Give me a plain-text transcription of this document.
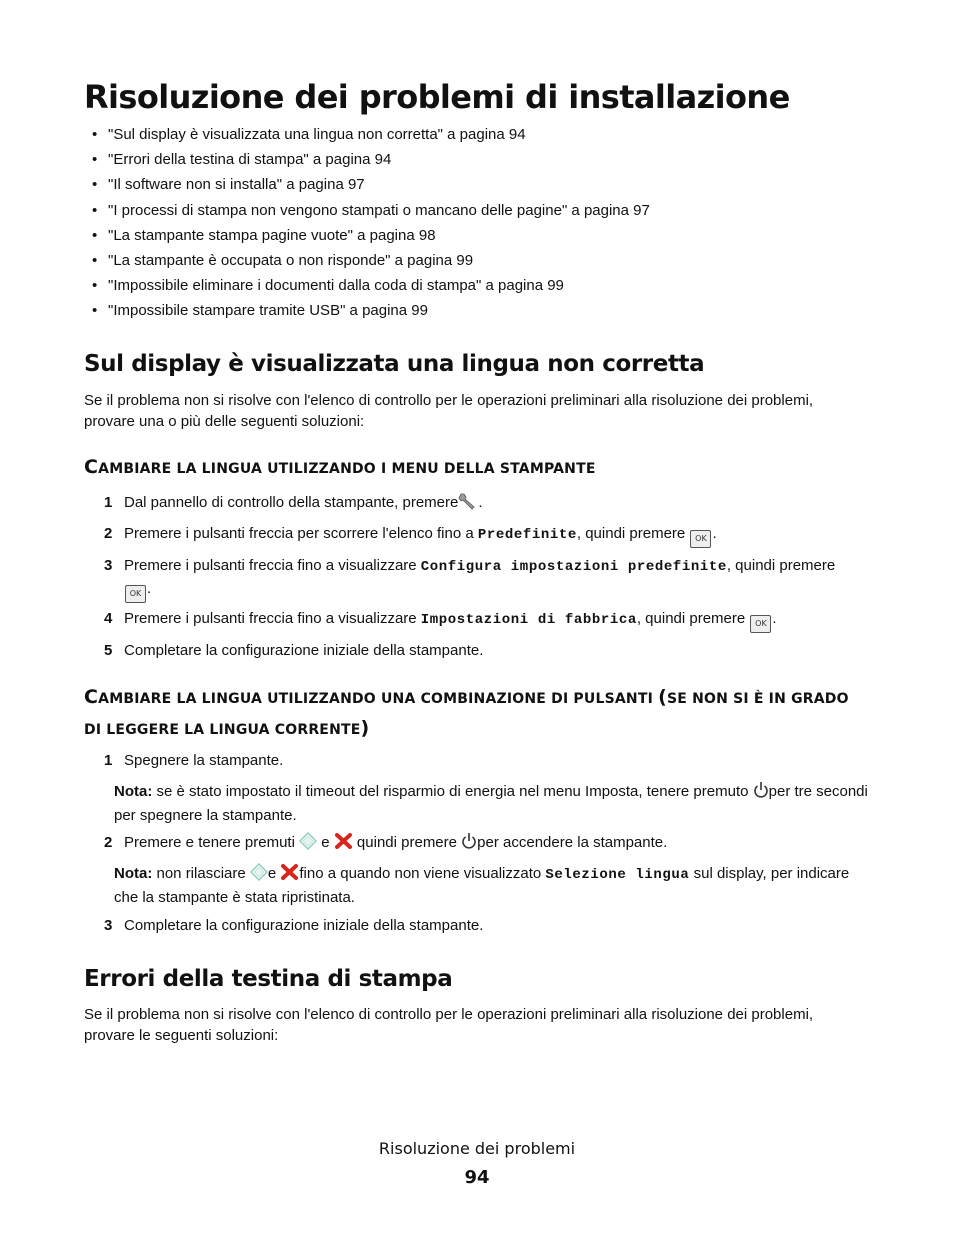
Risoluzione dei problemi di installazione
• "Sul display è visualizzata una lingua non corretta" a pagina 94
• "Errori della testina di stampa" a pagina 94
• "Il software non si installa" a pagina 97
• "I processi di stampa non vengono stampati o mancano delle pagine" a pagina 97
• "La stampante stampa pagine vuote" a pagina 98
• "La stampante è occupata o non risponde" a pagina 99
• "Impossibile eliminare i documenti dalla coda di stampa" a pagina 99
• "Impossibile stampare tramite USB" a pagina 99
Sul display è visualizzata una lingua non corretta

Se il problema non si risolve con l'elenco di controllo per le operazioni preliminari alla risoluzione dei problemi, provare una o più delle seguenti soluzioni:

CAMBIARE LA LINGUA UTILIZZANDO I MENU DELLA STAMPANTE
1 Dal pannello di controllo della stampante, premere .
2 Premere i pulsanti freccia per scorrere l'elenco fino a Predefinite, quindi premere OK .
3 Premere i pulsanti freccia fino a visualizzare Configura impostazioni predefinite, quindi premere
OK .
4 Premere i pulsanti freccia fino a visualizzare Impostazioni di fabbrica, quindi premere OK .
5 Completare la configurazione iniziale della stampante.
CAMBIARE LA LINGUA UTILIZZANDO UNA COMBINAZIONE DI PULSANTI (SE NON SI È IN GRADO DI LEGGERE LA LINGUA CORRENTE)
1 Spegnere la stampante.
Nota: se è stato impostato il timeout del risparmio di energia nel menu Imposta, tenere premuto per tre secondi per spegnere la stampante.
2 Premere e tenere premuti  e  quindi premere per accendere la stampante.
Nota: non rilasciare e fino a quando non viene visualizzato Selezione lingua sul display, per indicare che la stampante è stata ripristinata.
3 Completare la configurazione iniziale della stampante.
Errori della testina di stampa

Se il problema non si risolve con l'elenco di controllo per le operazioni preliminari alla risoluzione dei problemi, provare le seguenti soluzioni:

Risoluzione dei problemi
94
